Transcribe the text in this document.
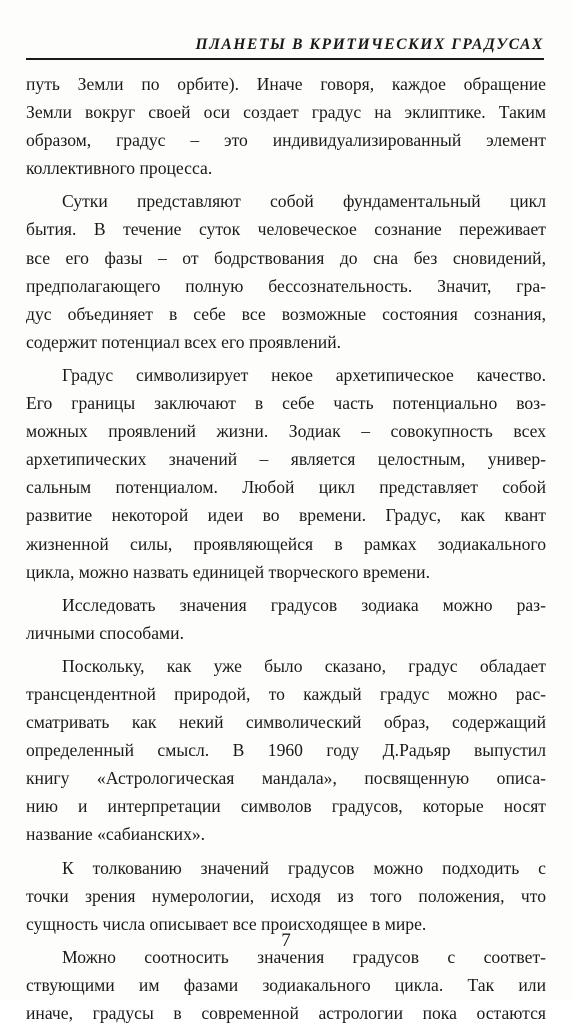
ПЛАНЕТЫ В КРИТИЧЕСКИХ ГРАДУСАХ

путь Земли по орбите). Иначе говоря, каждое обращение
Земли вокруг своей оси создает градус на эклиптике. Таким
образом, градус – это индивидуализированный элемент
коллективного процесса.

Сутки представляют собой фундаментальный цикл
бытия. В течение суток человеческое сознание переживает
все его фазы – от бодрствования до сна без сновидений,
предполагающего полную бессознательность. Значит, гра-
дус объединяет в себе все возможные состояния сознания,
содержит потенциал всех его проявлений.

Градус символизирует некое архетипическое качество.
Его границы заключают в себе часть потенциально воз-
можных проявлений жизни. Зодиак – совокупность всех
архетипических значений – является целостным, универ-
сальным потенциалом. Любой цикл представляет собой
развитие некоторой идеи во времени. Градус, как квант
жизненной силы, проявляющейся в рамках зодиакального
цикла, можно назвать единицей творческого времени.

Исследовать значения градусов зодиака можно раз-
личными способами.

Поскольку, как уже было сказано, градус обладает
трансцендентной природой, то каждый градус можно рас-
сматривать как некий символический образ, содержащий
определенный смысл. В 1960 году Д.Радьяр выпустил
книгу «Астрологическая мандала», посвященную описа-
нию и интерпретации символов градусов, которые носят
название «сабианских».

К толкованию значений градусов можно подходить с
точки зрения нумерологии, исходя из того положения, что
сущность числа описывает все происходящее в мире.

Можно соотносить значения градусов с соответ-
ствующими им фазами зодиакального цикла. Так или
иначе, градусы в современной астрологии пока остаются

7
